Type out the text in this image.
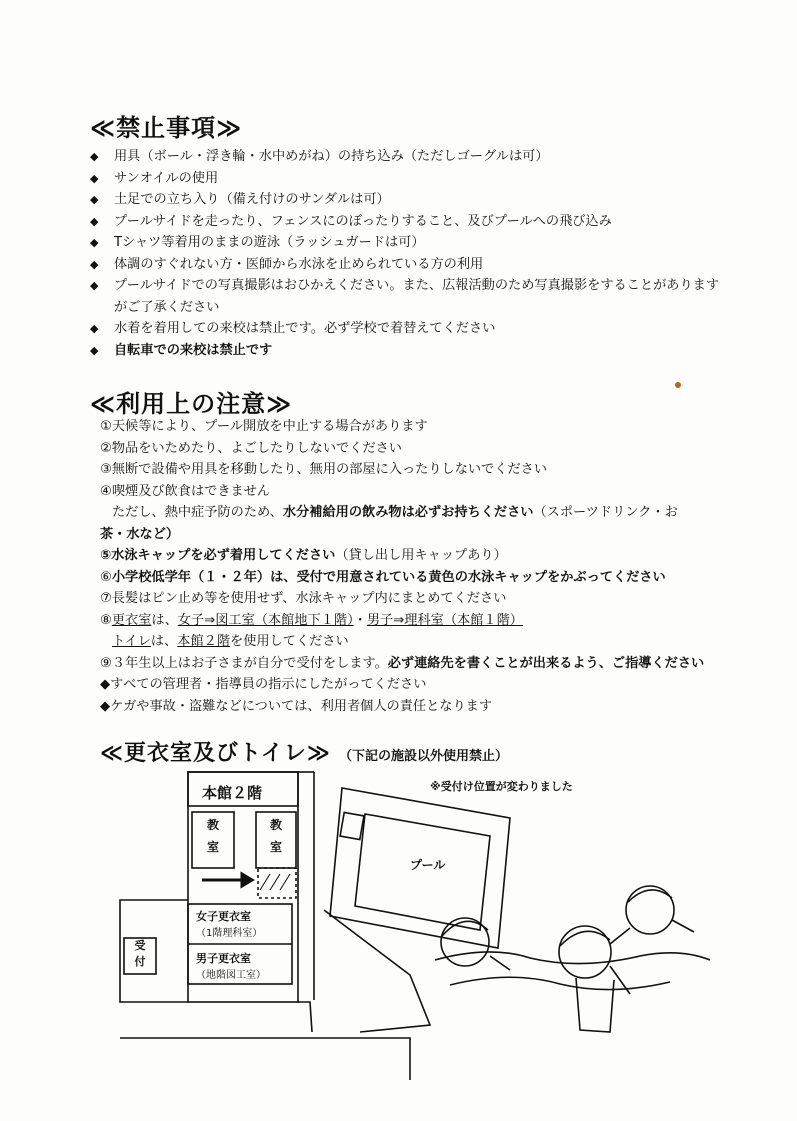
≪禁止事項≫
◆	用具（ボール・浮き輪・水中めがね）の持ち込み（ただしゴーグルは可）
◆	サンオイルの使用
◆	土足での立ち入り（備え付けのサンダルは可）
◆	プールサイドを走ったり、フェンスにのぼったりすること、及びプールへの飛び込み
◆	Tシャツ等着用のままの遊泳（ラッシュガードは可）
◆	体調のすぐれない方・医師から水泳を止められている方の利用
◆	プールサイドでの写真撮影はおひかえください。また、広報活動のため写真撮影をすることがあります
がご了承ください
◆	水着を着用しての来校は禁止です。必ず学校で着替えてください
◆	自転車での来校は禁止です
≪利用上の注意≫
①天候等により、プール開放を中止する場合があります
②物品をいためたり、よごしたりしないでください
③無断で設備や用具を移動したり、無用の部屋に入ったりしないでください
④喫煙及び飲食はできません
ただし、熱中症予防のため、水分補給用の飲み物は必ずお持ちください（スポーツドリンク・お
茶・水など）
⑤水泳キャップを必ず着用してください（貸し出し用キャップあり）
⑥小学校低学年（１・２年）は、受付で用意されている黄色の水泳キャップをかぶってください
⑦長髪はピン止め等を使用せず、水泳キャップ内にまとめてください
⑧更衣室は、女子⇒図工室（本館地下１階）・男子⇒理科室（本館１階）
トイレは、本館２階を使用してください
⑨３年生以上はお子さまが自分で受付をします。必ず連絡先を書くことが出来るよう、ご指導ください
◆すべての管理者・指導員の指示にしたがってください
◆ケガや事故・盗難などについては、利用者個人の責任となります
≪更衣室及びトイレ≫ （下記の施設以外使用禁止）
※受付け位置が変わりました
本館２階
教室
教室
女子更衣室
（1階理科室）
男子更衣室
（地階図工室）
受付
プール
